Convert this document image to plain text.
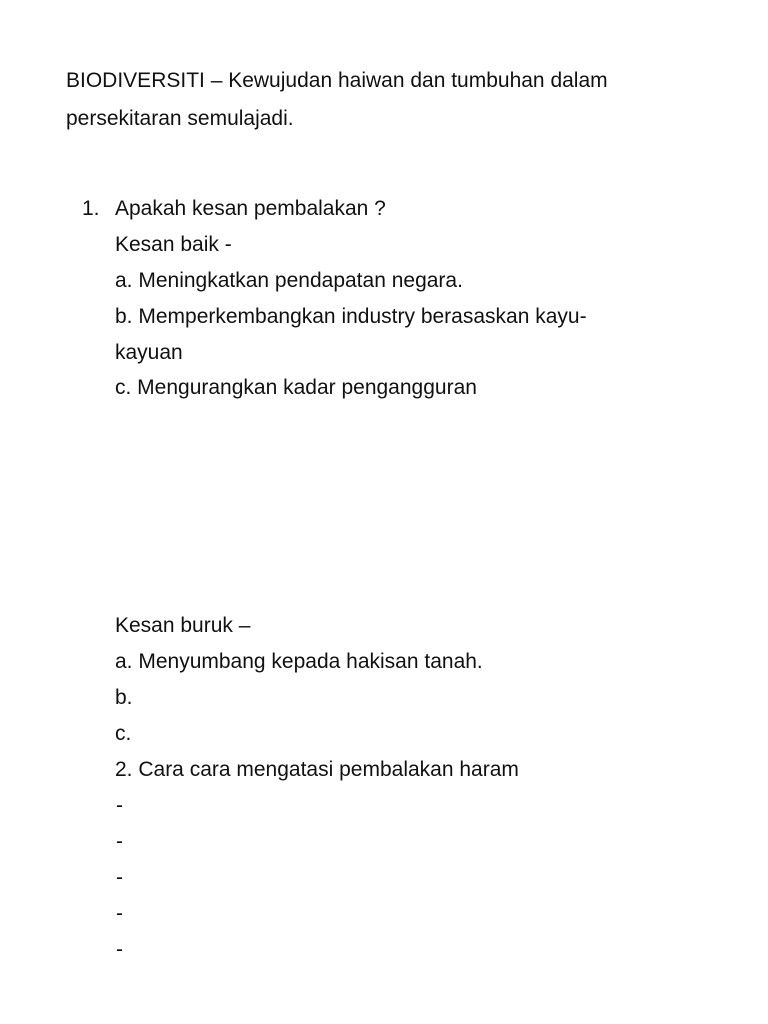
BIODIVERSITI – Kewujudan haiwan dan tumbuhan dalam
persekitaran semulajadi.
1. Apakah kesan pembalakan ?
Kesan baik -
a. Meningkatkan pendapatan negara.
b. Memperkembangkan industry berasaskan kayu-
kayuan
c. Mengurangkan kadar pengangguran
Kesan buruk –
a. Menyumbang kepada hakisan tanah.
b.
c.
2. Cara cara mengatasi pembalakan haram
-
-
-
-
-
